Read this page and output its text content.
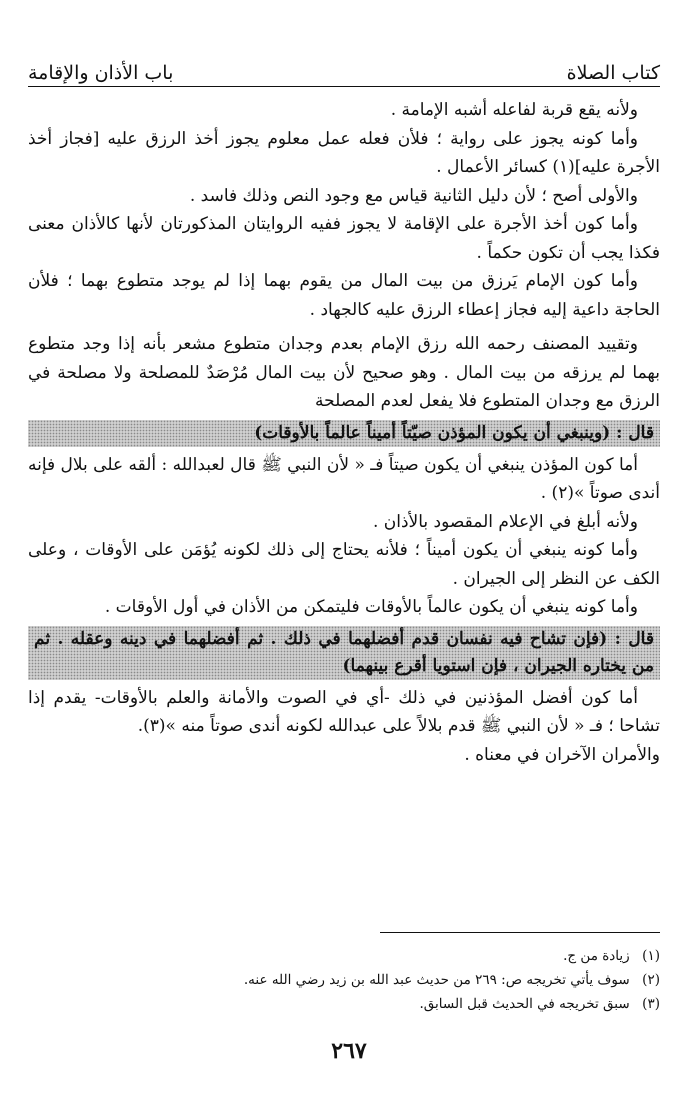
كتاب الصلاة
باب الأذان والإقامة

ولأنه يقع قربة لفاعله أشبه الإمامة .

وأما كونه يجوز على رواية ؛ فلأن فعله عمل معلوم يجوز أخذ الرزق عليه [فجاز أخذ الأجرة عليه](١) كسائر الأعمال .

والأولى أصح ؛ لأن دليل الثانية قياس مع وجود النص وذلك فاسد .

وأما كون أخذ الأجرة على الإقامة لا يجوز ففيه الروايتان المذكورتان لأنها كالأذان معنى فكذا يجب أن تكون حكماً .

وأما كون الإمام يَرزق من بيت المال من يقوم بهما إذا لم يوجد متطوع بهما ؛ فلأن الحاجة داعية إليه فجاز إعطاء الرزق عليه كالجهاد .

وتقييد المصنف رحمه الله رزق الإمام بعدم وجدان متطوع مشعر بأنه إذا وجد متطوع بهما لم يرزقه من بيت المال . وهو صحيح لأن بيت المال مُرْصَدٌ للمصلحة ولا مصلحة في الرزق مع وجدان المتطوع فلا يفعل لعدم المصلحة

قال : (وينبغي أن يكون المؤذن صيّتاً أميناً عالماً بالأوقات)

أما كون المؤذن ينبغي أن يكون صيتاً فـ « لأن النبي ﷺ قال لعبدالله : ألقه على بلال فإنه أندى صوتاً »(٢) .

ولأنه أبلغ في الإعلام المقصود بالأذان .

وأما كونه ينبغي أن يكون أميناً ؛ فلأنه يحتاج إلى ذلك لكونه يُؤمَن على الأوقات ، وعلى الكف عن النظر إلى الجيران .

وأما كونه ينبغي أن يكون عالماً بالأوقات فليتمكن من الأذان في أول الأوقات .

قال : (فإن تشاح فيه نفسان قدم أفضلهما في ذلك . ثم أفضلهما في دينه وعقله . ثم من يختاره الجيران ، فإن استويا أقرع بينهما)

أما كون أفضل المؤذنين في ذلك -أي في الصوت والأمانة والعلم بالأوقات- يقدم إذا تشاحا ؛ فـ « لأن النبي ﷺ قدم بلالاً على عبدالله لكونه أندى صوتاً منه »(٣).

والأمران الآخران في معناه .

(١) زيادة من ج.

(٢) سوف يأتي تخريجه ص: ٢٦٩ من حديث عبد الله بن زيد رضي الله عنه.

(٣) سبق تخريجه في الحديث قبل السابق.

٢٦٧
